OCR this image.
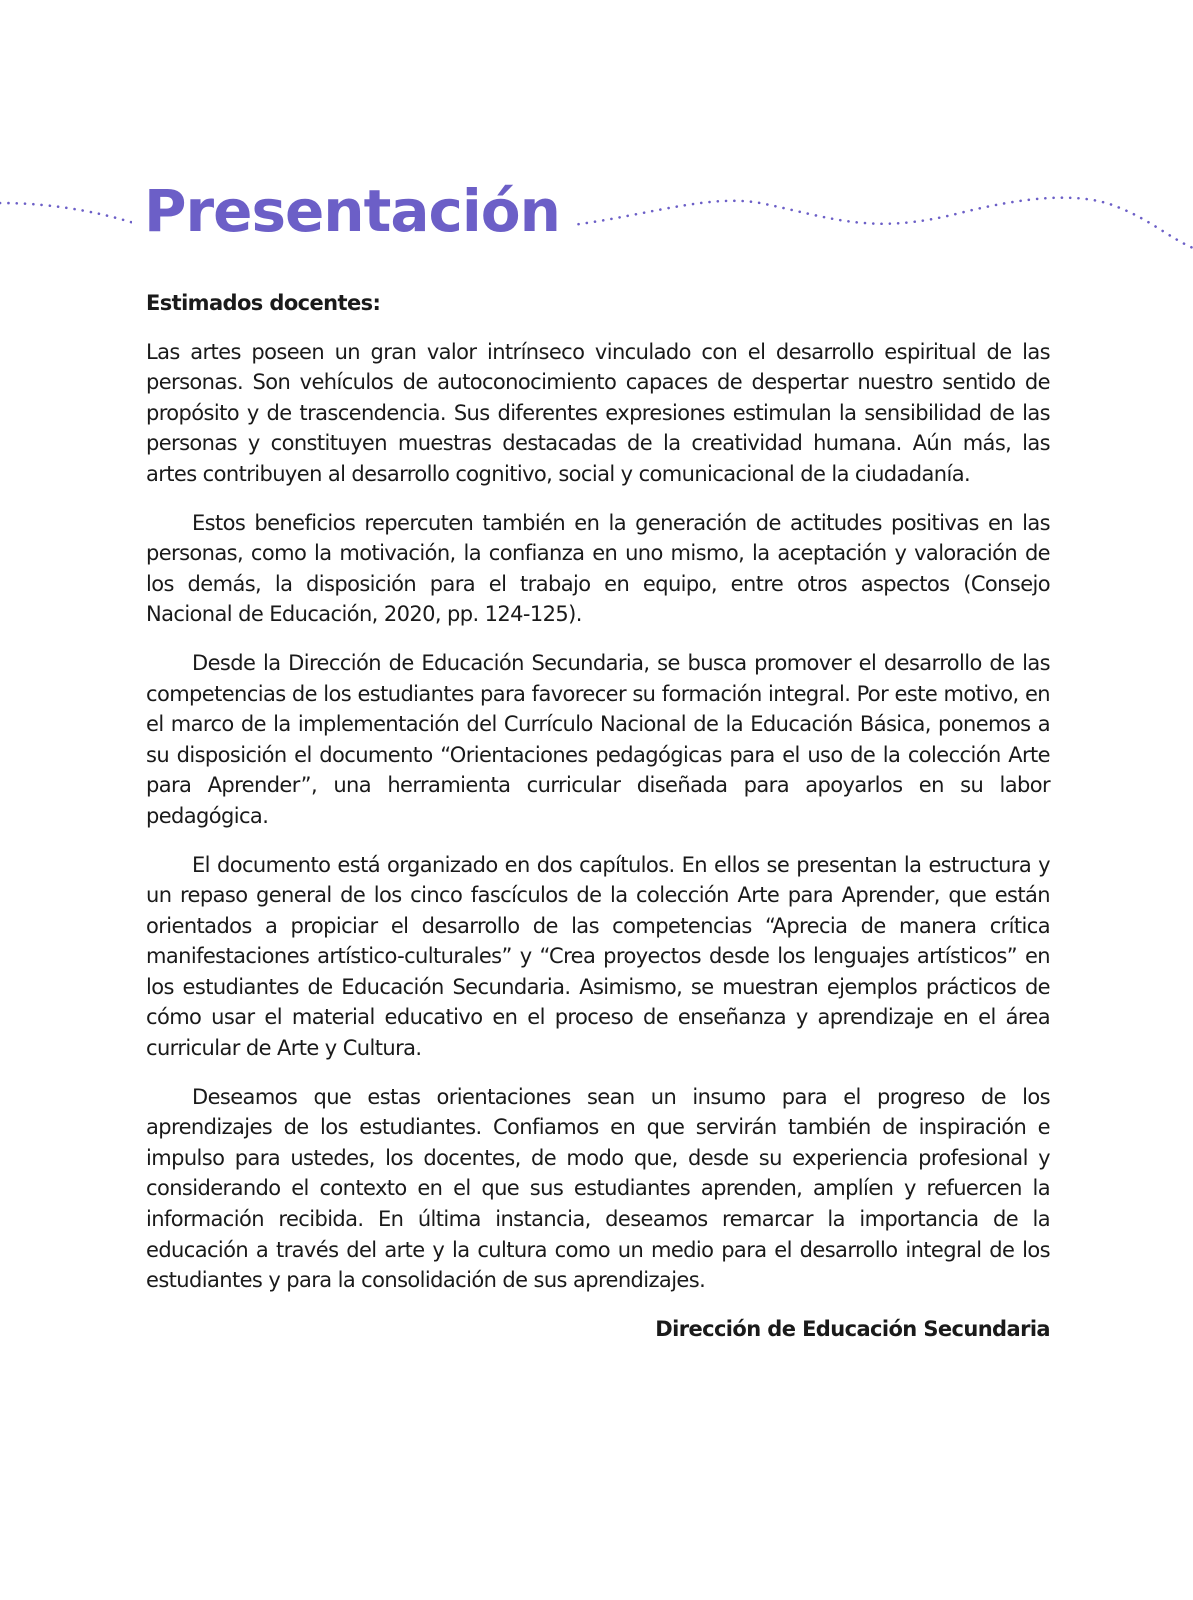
Presentación

Estimados docentes:

Las artes poseen un gran valor intrínseco vinculado con el desarrollo espiritual de las personas. Son vehículos de autoconocimiento capaces de despertar nuestro sentido de propósito y de trascendencia. Sus diferentes expresiones estimulan la sensibilidad de las personas y constituyen muestras destacadas de la creatividad humana. Aún más, las artes contribuyen al desarrollo cognitivo, social y comunicacional de la ciudadanía.

Estos beneficios repercuten también en la generación de actitudes positivas en las personas, como la motivación, la confianza en uno mismo, la aceptación y valoración de los demás, la disposición para el trabajo en equipo, entre otros aspectos (Consejo Nacional de Educación, 2020, pp. 124-125).

Desde la Dirección de Educación Secundaria, se busca promover el desarrollo de las competencias de los estudiantes para favorecer su formación integral. Por este motivo, en el marco de la implementación del Currículo Nacional de la Educación Básica, ponemos a su disposición el documento “Orientaciones pedagógicas para el uso de la colección Arte para Aprender”, una herramienta curricular diseñada para apoyarlos en su labor pedagógica.

El documento está organizado en dos capítulos. En ellos se presentan la estructura y un repaso general de los cinco fascículos de la colección Arte para Aprender, que están orientados a propiciar el desarrollo de las competencias “Aprecia de manera crítica manifestaciones artístico-culturales” y “Crea proyectos desde los lenguajes artísticos” en los estudiantes de Educación Secundaria. Asimismo, se muestran ejemplos prácticos de cómo usar el material educativo en el proceso de enseñanza y aprendizaje en el área curricular de Arte y Cultura.

Deseamos que estas orientaciones sean un insumo para el progreso de los aprendizajes de los estudiantes. Confiamos en que servirán también de inspiración e impulso para ustedes, los docentes, de modo que, desde su experiencia profesional y considerando el contexto en el que sus estudiantes aprenden, amplíen y refuercen la información recibida. En última instancia, deseamos remarcar la importancia de la educación a través del arte y la cultura como un medio para el desarrollo integral de los estudiantes y para la consolidación de sus aprendizajes.

Dirección de Educación Secundaria
